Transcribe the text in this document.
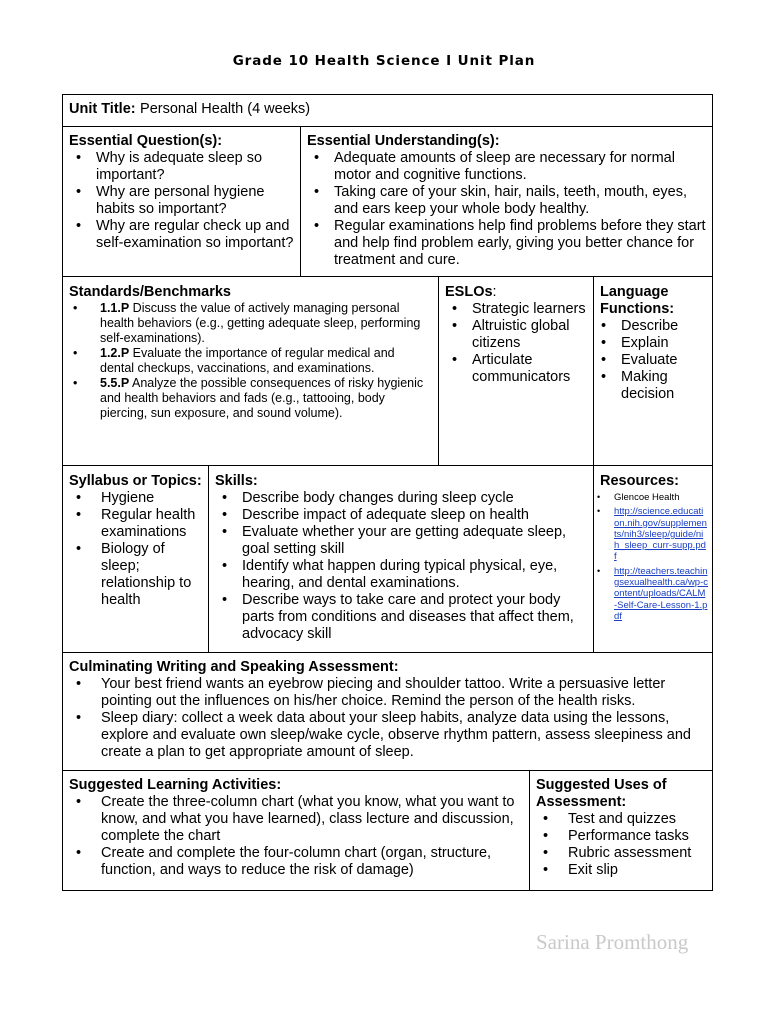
Grade 10 Health Science I Unit Plan
Unit Title: Personal Health (4 weeks)
Essential Question(s):
• Why is adequate sleep so important?
• Why are personal hygiene habits so important?
• Why are regular check up and self-examination so important?
Essential Understanding(s):
• Adequate amounts of sleep are necessary for normal motor and cognitive functions.
• Taking care of your skin, hair, nails, teeth, mouth, eyes, and ears keep your whole body healthy.
• Regular examinations help find problems before they start and help find problem early, giving you better chance for treatment and cure.
Standards/Benchmarks
• 1.1.P Discuss the value of actively managing personal health behaviors (e.g., getting adequate sleep, performing self-examinations).
• 1.2.P Evaluate the importance of regular medical and dental checkups, vaccinations, and examinations.
• 5.5.P Analyze the possible consequences of risky hygienic and health behaviors and fads (e.g., tattooing, body piercing, sun exposure, and sound volume).
ESLOs:
• Strategic learners
• Altruistic global citizens
• Articulate communicators
Language Functions:
• Describe
• Explain
• Evaluate
• Making decision
Syllabus or Topics:
• Hygiene
• Regular health examinations
• Biology of sleep; relationship to health
Skills:
• Describe body changes during sleep cycle
• Describe impact of adequate sleep on health
• Evaluate whether your are getting adequate sleep, goal setting skill
• Identify what happen during typical physical, eye, hearing, and dental examinations.
• Describe ways to take care and protect your body parts from conditions and diseases that affect them, advocacy skill
Resources:
• Glencoe Health
• http://science.education.nih.gov/supplements/nih3/sleep/guide/nih_sleep_curr-supp.pdf
• http://teachers.teachingsexualhealth.ca/wp-content/uploads/CALM-Self-Care-Lesson-1.pdf
Culminating Writing and Speaking Assessment:
• Your best friend wants an eyebrow piecing and shoulder tattoo. Write a persuasive letter pointing out the influences on his/her choice. Remind the person of the health risks.
• Sleep diary: collect a week data about your sleep habits, analyze data using the lessons, explore and evaluate own sleep/wake cycle, observe rhythm pattern, assess sleepiness and create a plan to get appropriate amount of sleep.
Suggested Learning Activities:
• Create the three-column chart (what you know, what you want to know, and what you have learned), class lecture and discussion, complete the chart
• Create and complete the four-column chart (organ, structure, function, and ways to reduce the risk of damage)
Suggested Uses of Assessment:
• Test and quizzes
• Performance tasks
• Rubric assessment
• Exit slip
Sarina Promthong
